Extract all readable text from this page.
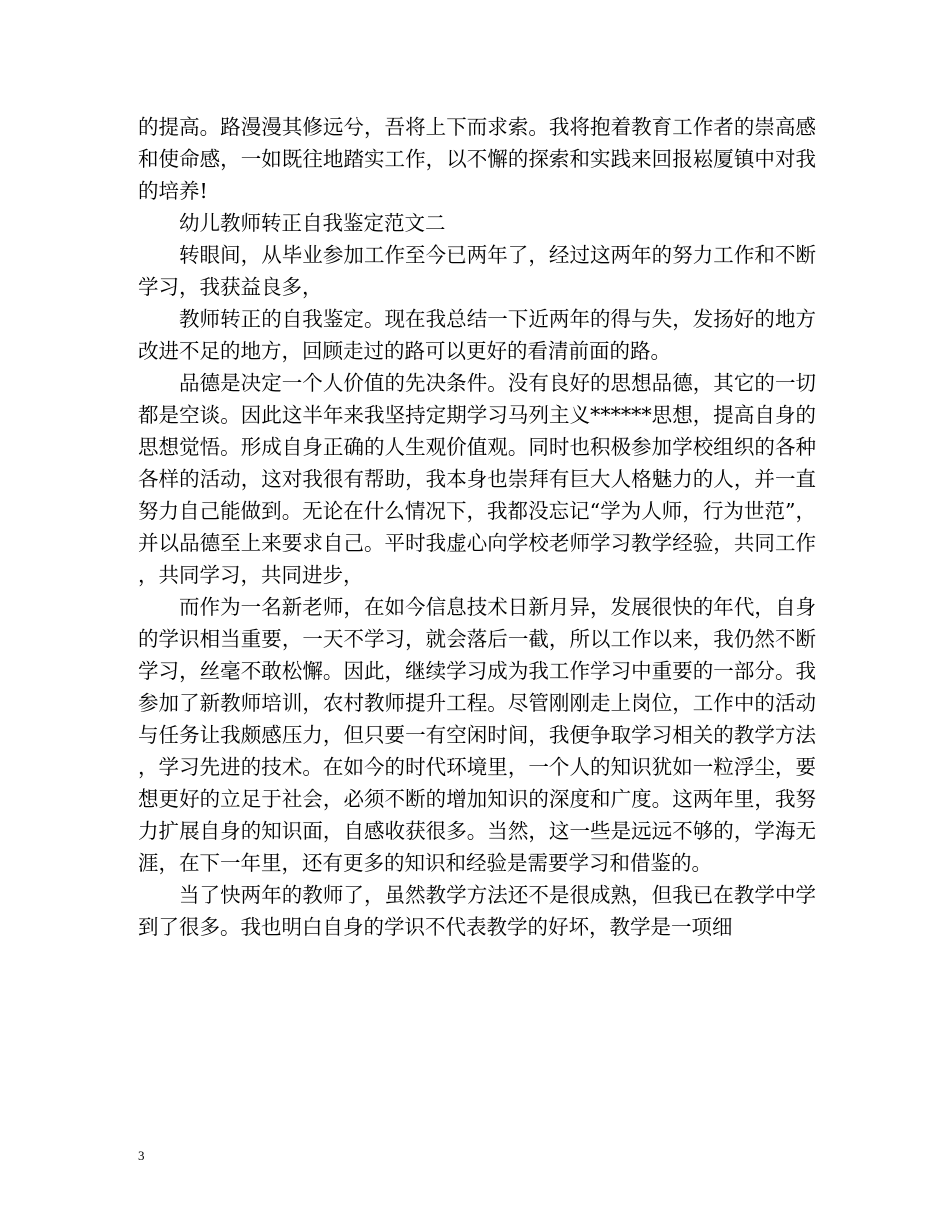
的提高。路漫漫其修远兮，吾将上下而求索。我将抱着教育工作者的崇高感和使命感，一如既往地踏实工作，以不懈的探索和实践来回报崧厦镇中对我的培养!

幼儿教师转正自我鉴定范文二

转眼间，从毕业参加工作至今已两年了，经过这两年的努力工作和不断学习，我获益良多，

教师转正的自我鉴定。现在我总结一下近两年的得与失，发扬好的地方改进不足的地方，回顾走过的路可以更好的看清前面的路。

品德是决定一个人价值的先决条件。没有良好的思想品德，其它的一切都是空谈。因此这半年来我坚持定期学习马列主义******思想，提高自身的思想觉悟。形成自身正确的人生观价值观。同时也积极参加学校组织的各种各样的活动，这对我很有帮助，我本身也崇拜有巨大人格魅力的人，并一直努力自己能做到。无论在什么情况下，我都没忘记“学为人师，行为世范”，并以品德至上来要求自己。平时我虚心向学校老师学习教学经验，共同工作，共同学习，共同进步，

而作为一名新老师，在如今信息技术日新月异，发展很快的年代，自身的学识相当重要，一天不学习，就会落后一截，所以工作以来，我仍然不断学习，丝毫不敢松懈。因此，继续学习成为我工作学习中重要的一部分。我参加了新教师培训，农村教师提升工程。尽管刚刚走上岗位，工作中的活动与任务让我颇感压力，但只要一有空闲时间，我便争取学习相关的教学方法，学习先进的技术。在如今的时代环境里，一个人的知识犹如一粒浮尘，要想更好的立足于社会，必须不断的增加知识的深度和广度。这两年里，我努力扩展自身的知识面，自感收获很多。当然，这一些是远远不够的，学海无涯，在下一年里，还有更多的知识和经验是需要学习和借鉴的。

当了快两年的教师了，虽然教学方法还不是很成熟，但我已在教学中学到了很多。我也明白自身的学识不代表教学的好坏，教学是一项细

3
